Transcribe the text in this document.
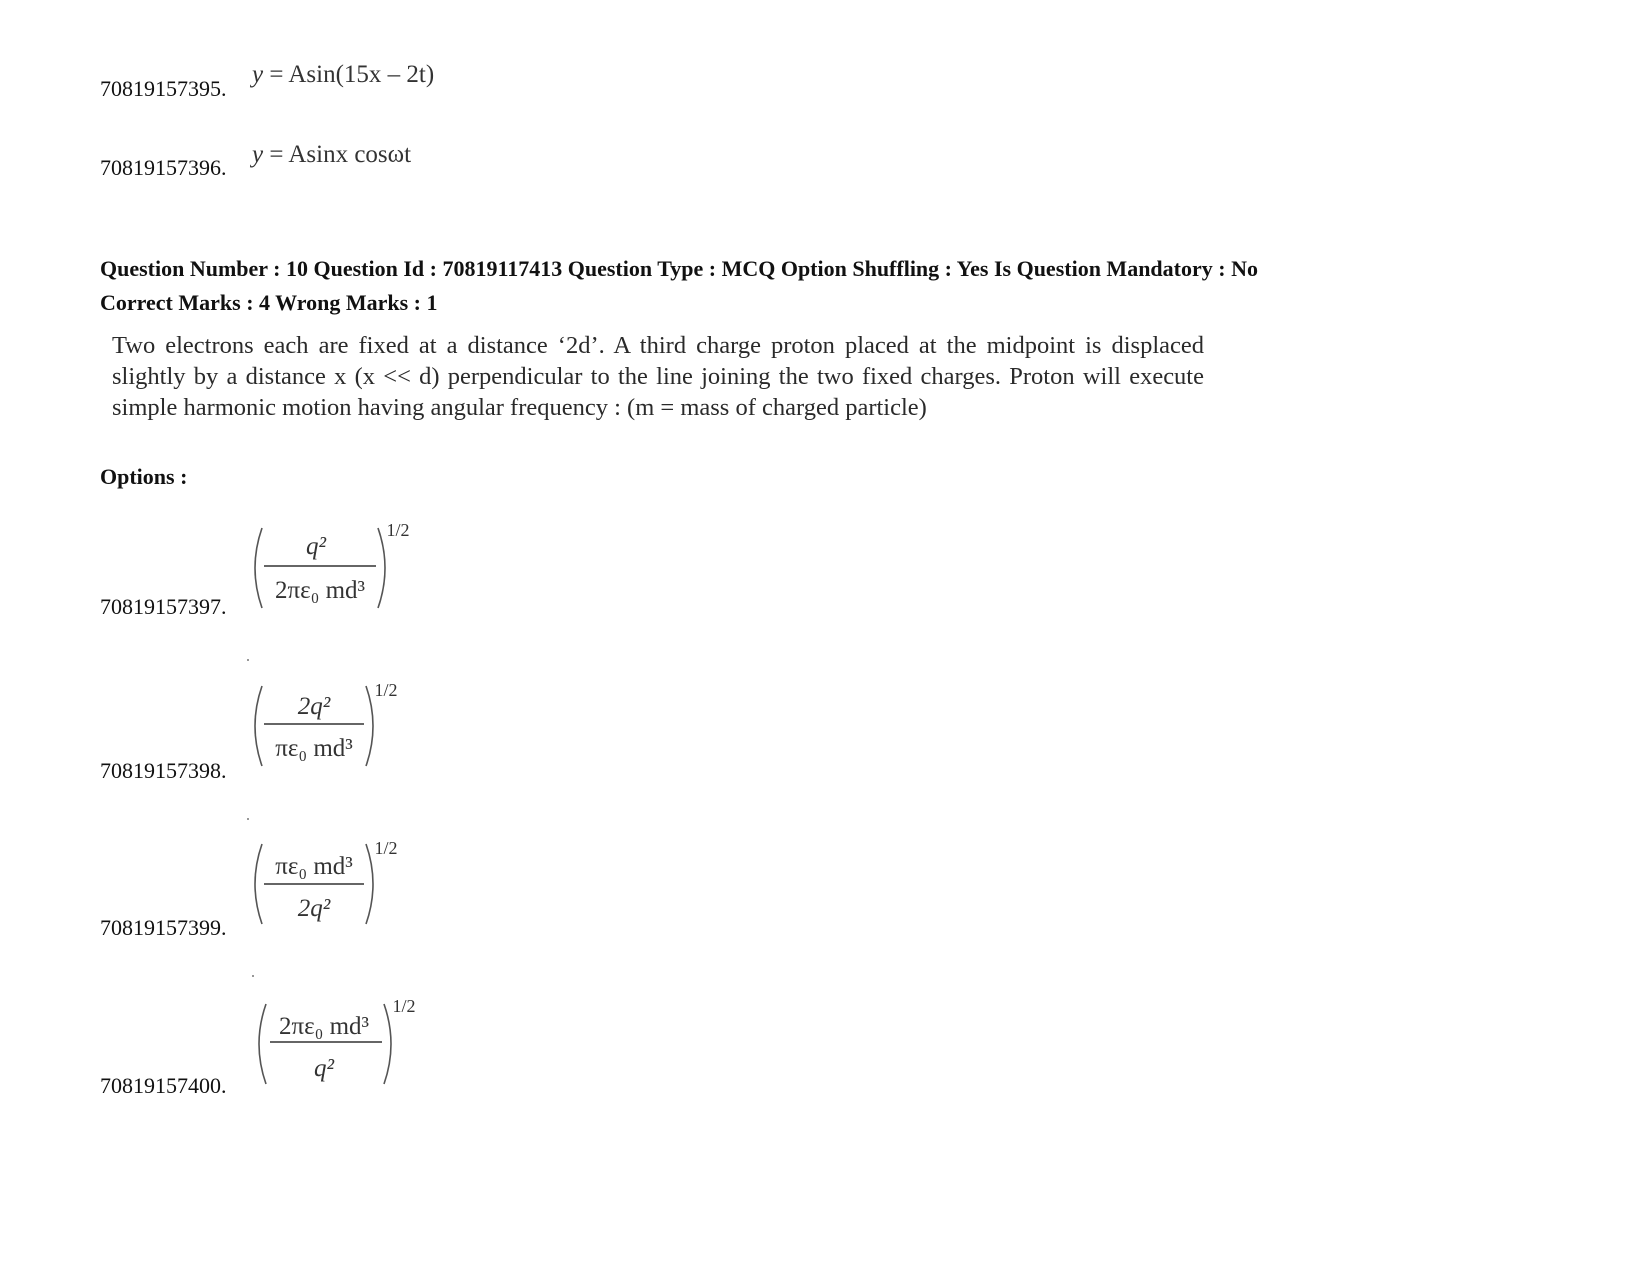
70819157395.
y = Asin(15x – 2t)
70819157396. y = Asinx cosωt
Question Number : 10 Question Id : 70819117413 Question Type : MCQ Option Shuffling : Yes Is Question Mandatory : No
Correct Marks : 4 Wrong Marks : 1
Two electrons each are fixed at a distance ‘2d’. A third charge proton placed at the midpoint is displaced slightly by a distance x (x << d) perpendicular to the line joining the two fixed charges. Proton will execute simple harmonic motion having angular frequency : (m = mass of charged particle)
Options :
70819157397.
q²
2πε₀ md³
1/2
70819157398.
2q²
πε₀ md³
1/2
70819157399.
πε₀ md³
2q²
1/2
70819157400.
2πε₀ md³
q²
1/2
